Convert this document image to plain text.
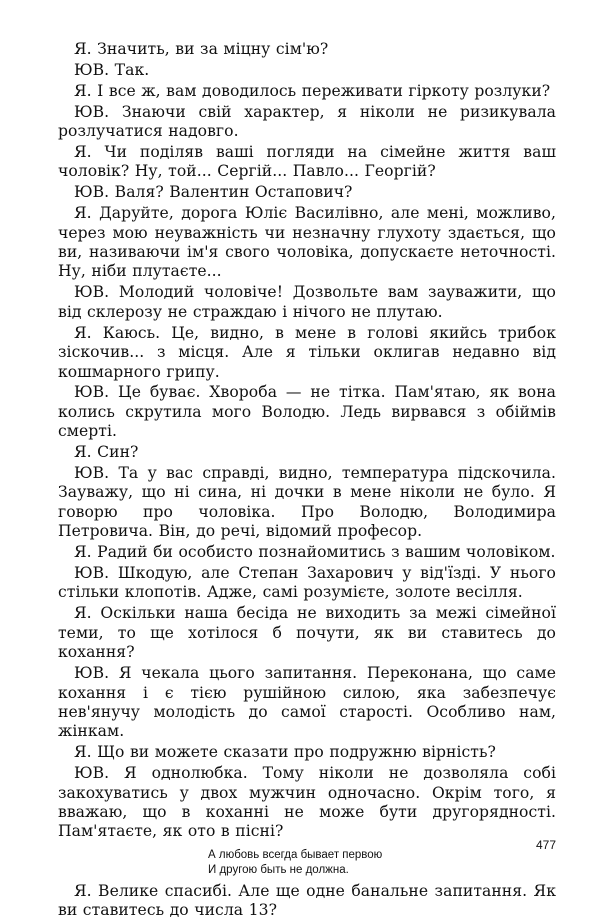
Я. Значить, ви за міцну сім'ю?

ЮВ. Так.

Я. І все ж, вам доводилось переживати гіркоту розлуки?

ЮВ. Знаючи свій характер, я ніколи не ризикувала розлучатися надовго.

Я. Чи поділяв ваші погляди на сімейне життя ваш чоловік? Ну, той... Сергій... Павло... Георгій?

ЮВ. Валя? Валентин Остапович?

Я. Даруйте, дорога Юліє Василівно, але мені, можливо, через мою неуважність чи незначну глухоту здається, що ви, називаючи ім'я свого чоловіка, допускаєте неточності. Ну, ніби плутаєте...

ЮВ. Молодий чоловіче! Дозвольте вам зауважити, що від склерозу не страждаю і нічого не плутаю.

Я. Каюсь. Це, видно, в мене в голові якийсь трибок зіскочив... з місця. Але я тільки оклигав недавно від кошмарного грипу.

ЮВ. Це буває. Хвороба — не тітка. Пам'ятаю, як вона колись скрутила мого Володю. Ледь вирвався з обіймів смерті.

Я. Син?

ЮВ. Та у вас справді, видно, температура підскочила. Зауважу, що ні сина, ні дочки в мене ніколи не було. Я говорю про чоловіка. Про Володю, Володимира Петровича. Він, до речі, відомий професор.

Я. Радий би особисто познайомитись з вашим чоловіком.

ЮВ. Шкодую, але Степан Захарович у від'їзді. У нього стільки клопотів. Адже, самі розумієте, золоте весілля.

Я. Оскільки наша бесіда не виходить за межі сімейної теми, то ще хотілося б почути, як ви ставитесь до кохання?

ЮВ. Я чекала цього запитання. Переконана, що саме кохання і є тією рушійною силою, яка забезпечує нев'янучу молодість до самої старості. Особливо нам, жінкам.

Я. Що ви можете сказати про подружню вірність?

ЮВ. Я однолюбка. Тому ніколи не дозволяла собі закохуватись у двох мужчин одночасно. Окрім того, я вважаю, що в коханні не може бути другорядності. Пам'ятаєте, як ото в пісні?

А любовь всегда бывает первою
И другою быть не должна.

Я. Велике спасибі. Але ще одне банальне запитання. Як ви ставитесь до числа 13?

477
